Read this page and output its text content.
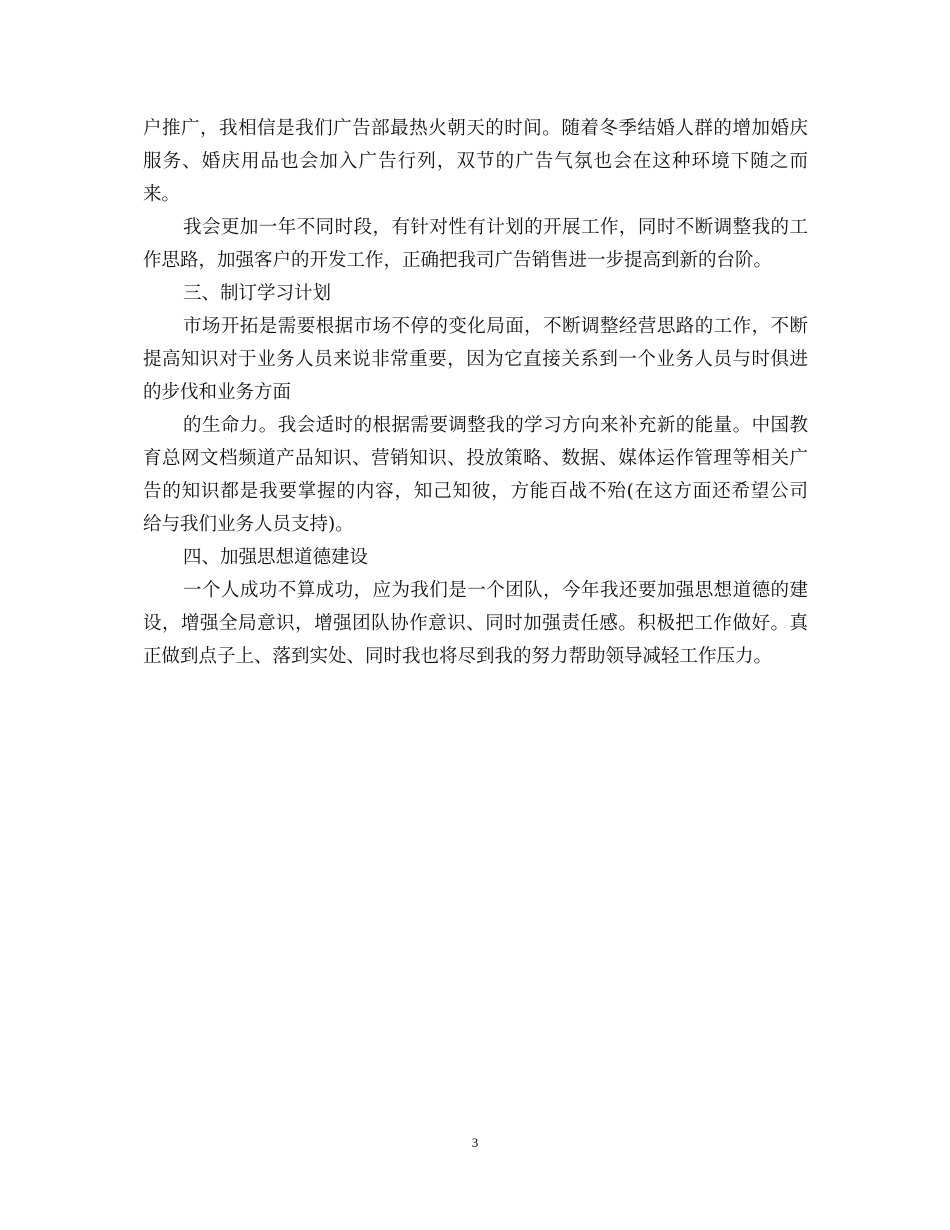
户推广，我相信是我们广告部最热火朝天的时间。随着冬季结婚人群的增加婚庆
服务、婚庆用品也会加入广告行列，双节的广告气氛也会在这种环境下随之而
来。
我会更加一年不同时段，有针对性有计划的开展工作，同时不断调整我的工
作思路，加强客户的开发工作，正确把我司广告销售进一步提高到新的台阶。
三、制订学习计划
市场开拓是需要根据市场不停的变化局面，不断调整经营思路的工作，不断
提高知识对于业务人员来说非常重要，因为它直接关系到一个业务人员与时俱进
的步伐和业务方面
的生命力。我会适时的根据需要调整我的学习方向来补充新的能量。中国教
育总网文档频道产品知识、营销知识、投放策略、数据、媒体运作管理等相关广
告的知识都是我要掌握的内容，知己知彼，方能百战不殆(在这方面还希望公司
给与我们业务人员支持)。
四、加强思想道德建设
一个人成功不算成功，应为我们是一个团队，今年我还要加强思想道德的建
设，增强全局意识，增强团队协作意识、同时加强责任感。积极把工作做好。真
正做到点子上、落到实处、同时我也将尽到我的努力帮助领导减轻工作压力。
3
